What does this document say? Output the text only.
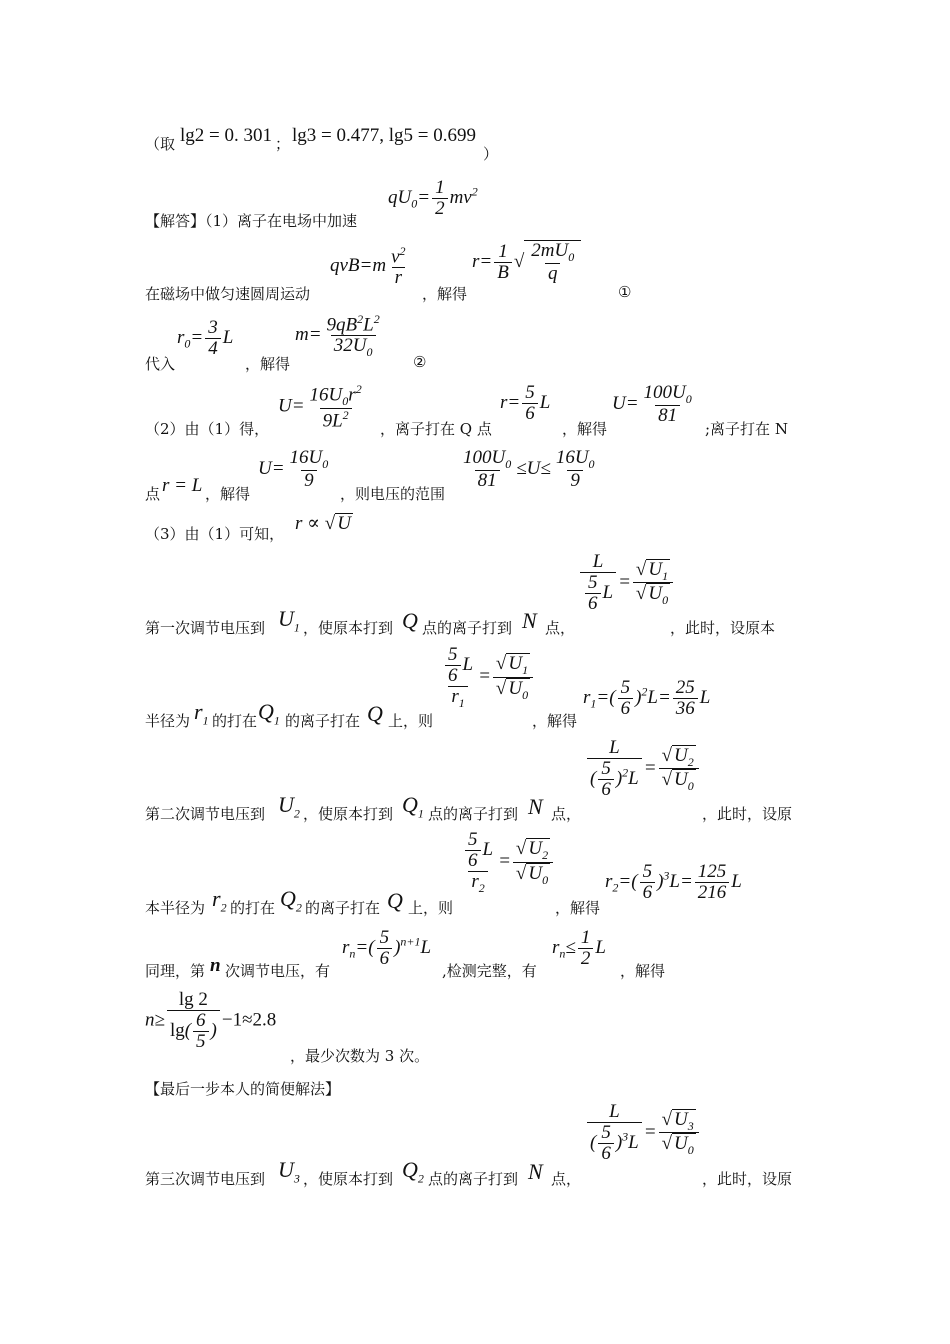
（取 lg2 = 0. 301 ； lg3 = 0.477, lg5 = 0.699
）
【解答】（1）离子在电场中加速
$qU_0= \frac{1}{2} mv^2$
在磁场中做匀速圆周运动
$qvB=m \frac{v^2}{r}$
，解得
$r= \frac{1}{B}$ √ $\frac{2mU_0}{q}$
①
代入
$r_0= \frac{3}{4}$ L
，解得
$m= \frac{9qB^2L^2}{32U_0}$
②
（2）由（1）得，
$U= \frac{16U_0r^2}{9L^2}$ ，离子打在 Q 点
$r= \frac{5}{6}$ L
，解得
$U= \frac{100U_0}{81}$
;离子打在 N
点 r = L ，解得
$U= \frac{16U_0}{9}$
，则电压的范围
$\frac{100U_0}{81} \le U\le \frac{16U_0}{9}$
（3）由（1）可知， r ∝ √ U
第一次调节电压到 $U_1$ ，使原本打到 Q 点的离子打到 N 点，
$\frac{L}{\frac{5}{6} L} = \frac{√ U_1}{√ U_0}$
，此时，设原本
半径为 $r_1$ 的打在 $Q_1$ 的离子打在 Q 上，则
$\frac{\frac{5}{6} L}{r_1} = \frac{√ U_1}{√ U_0}$
，解得
$r_1=( \frac{5}{6} )^2L= \frac{25}{36}$ L
第二次调节电压到 $U_2$ ，使原本打到 $Q_1$ 点的离子打到 N 点，
$\frac{L}{( \frac{5}{6} )^2L} = \frac{√ U_2}{√ U_0}$
，此时，设原
本半径为 $r_2$ 的打在 $Q_2$ 的离子打在 Q 上，则
$\frac{\frac{5}{6} L}{r_2} = \frac{√ U_2}{√ U_0}$
，解得
$r_2=( \frac{5}{6} )^3L= \frac{125}{216}$ L
同理，第 n 次调节电压，有
$r_n=( \frac{5}{6} )^{n+1}L$
,检测完整，有
$r_n\le \frac{1}{2}$ L
，解得
$n\ge \frac{\lg 2}{\lg( \frac{6}{5} )} -1\approx 2.8$
，最少次数为 3 次。
【最后一步本人的简便解法】
第三次调节电压到 $U_3$ ，使原本打到 $Q_2$ 点的离子打到 N 点，
$\frac{L}{( \frac{5}{6} )^3L} = \frac{√ U_3}{√ U_0}$
，此时，设原
